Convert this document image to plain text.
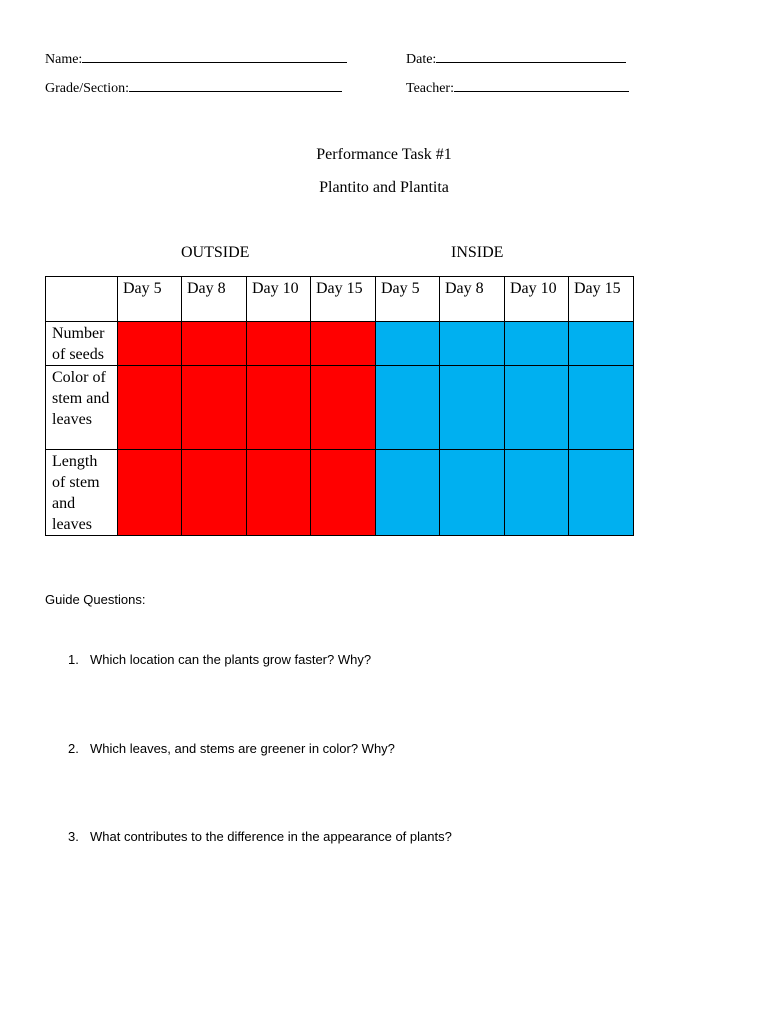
Name:	Date:
Grade/Section:	Teacher:
Performance Task #1
Plantito and Plantita
OUTSIDE	INSIDE
	Day 5	Day 8	Day 10	Day 15	Day 5	Day 8	Day 10	Day 15
Number of seeds								
Color of stem and leaves								
Length of stem and leaves								
Guide Questions:
1. Which location can the plants grow faster? Why?
2. Which leaves, and stems are greener in color? Why?
3. What contributes to the difference in the appearance of plants?
